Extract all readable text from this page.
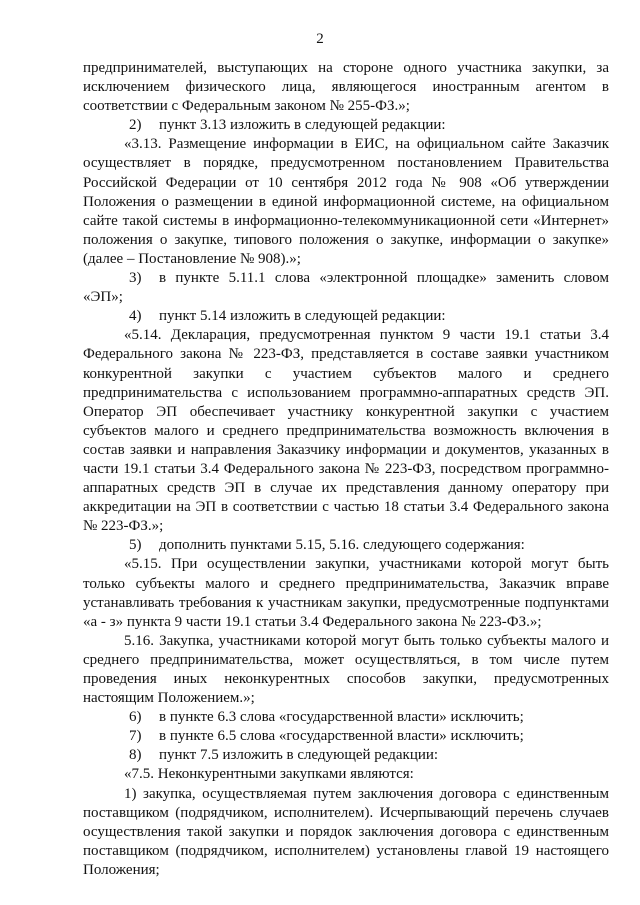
2
предпринимателей, выступающих на стороне одного участника закупки, за
исключением физического лица, являющегося иностранным агентом в
соответствии с Федеральным законом № 255-ФЗ.»;
2) пункт 3.13 изложить в следующей редакции:
«3.13. Размещение информации в ЕИС, на официальном сайте Заказчик
осуществляет в порядке, предусмотренном постановлением Правительства
Российской Федерации от 10 сентября 2012 года № 908 «Об утверждении
Положения о размещении в единой информационной системе, на официальном
сайте такой системы в информационно-телекоммуникационной сети «Интернет»
положения о закупке, типового положения о закупке, информации о закупке»
(далее – Постановление № 908).»;
3) в пункте 5.11.1 слова «электронной площадке» заменить словом
«ЭП»;
4) пункт 5.14 изложить в следующей редакции:
«5.14. Декларация, предусмотренная пунктом 9 части 19.1 статьи 3.4
Федерального закона № 223-ФЗ, представляется в составе заявки участником
конкурентной закупки с участием субъектов малого и среднего
предпринимательства с использованием программно-аппаратных средств ЭП.
Оператор ЭП обеспечивает участнику конкурентной закупки с участием
субъектов малого и среднего предпринимательства возможность включения в
состав заявки и направления Заказчику информации и документов, указанных в
части 19.1 статьи 3.4 Федерального закона № 223-ФЗ, посредством программно-
аппаратных средств ЭП в случае их представления данному оператору при
аккредитации на ЭП в соответствии с частью 18 статьи 3.4 Федерального закона
№ 223-ФЗ.»;
5) дополнить пунктами 5.15, 5.16. следующего содержания:
«5.15. При осуществлении закупки, участниками которой могут быть
только субъекты малого и среднего предпринимательства, Заказчик вправе
устанавливать требования к участникам закупки, предусмотренные подпунктами
«а - з» пункта 9 части 19.1 статьи 3.4 Федерального закона № 223-ФЗ.»;
5.16. Закупка, участниками которой могут быть только субъекты малого и
среднего предпринимательства, может осуществляться, в том числе путем
проведения иных неконкурентных способов закупки, предусмотренных
настоящим Положением.»;
6) в пункте 6.3 слова «государственной власти» исключить;
7) в пункте 6.5 слова «государственной власти» исключить;
8) пункт 7.5 изложить в следующей редакции:
«7.5. Неконкурентными закупками являются:
1) закупка, осуществляемая путем заключения договора с единственным
поставщиком (подрядчиком, исполнителем). Исчерпывающий перечень случаев
осуществления такой закупки и порядок заключения договора с единственным
поставщиком (подрядчиком, исполнителем) установлены главой 19 настоящего
Положения;
